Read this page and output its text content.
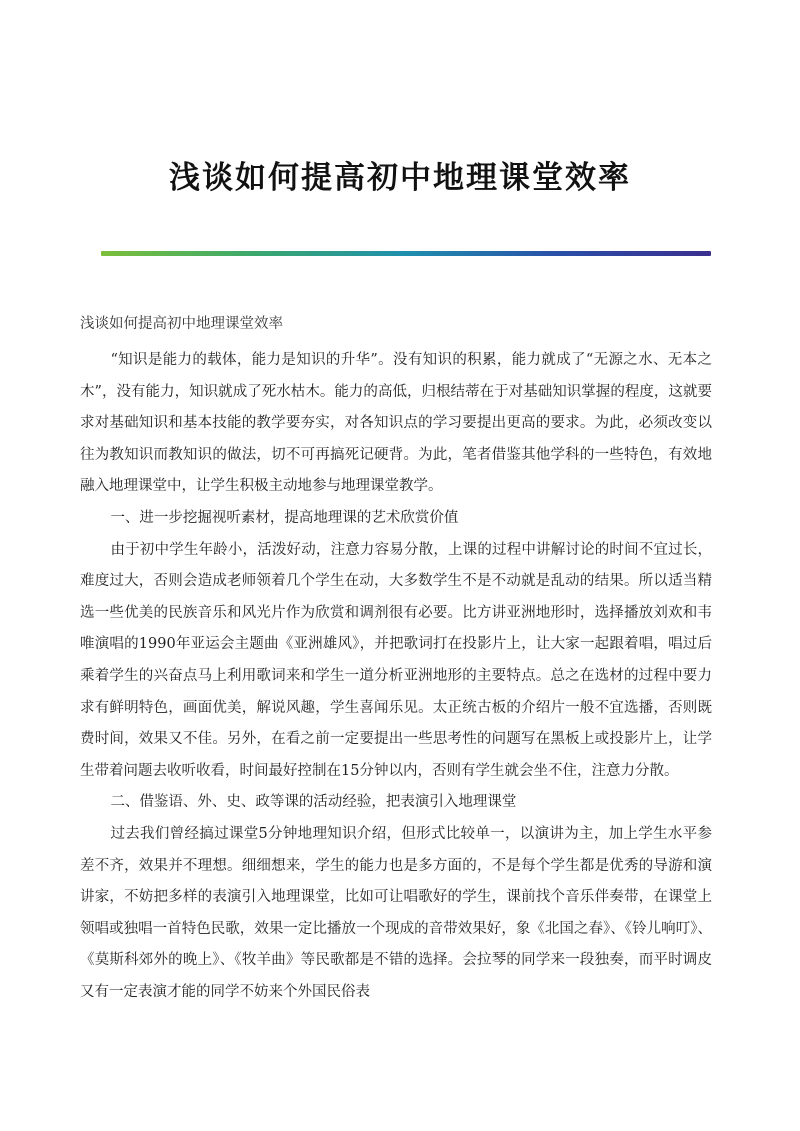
浅谈如何提高初中地理课堂效率
浅谈如何提高初中地理课堂效率

“知识是能力的载体，能力是知识的升华”。没有知识的积累，能力就成了“无源之水、无本之木”，没有能力，知识就成了死水枯木。能力的高低，归根结蒂在于对基础知识掌握的程度，这就要求对基础知识和基本技能的教学要夯实，对各知识点的学习要提出更高的要求。为此，必须改变以往为教知识而教知识的做法，切不可再搞死记硬背。为此，笔者借鉴其他学科的一些特色，有效地融入地理课堂中，让学生积极主动地参与地理课堂教学。

一、进一步挖掘视听素材，提高地理课的艺术欣赏价值

由于初中学生年龄小，活泼好动，注意力容易分散，上课的过程中讲解讨论的时间不宜过长，难度过大，否则会造成老师领着几个学生在动，大多数学生不是不动就是乱动的结果。所以适当精选一些优美的民族音乐和风光片作为欣赏和调剂很有必要。比方讲亚洲地形时，选择播放刘欢和韦唯演唱的1990年亚运会主题曲《亚洲雄风》，并把歌词打在投影片上，让大家一起跟着唱，唱过后乘着学生的兴奋点马上利用歌词来和学生一道分析亚洲地形的主要特点。总之在选材的过程中要力求有鲜明特色，画面优美，解说风趣，学生喜闻乐见。太正统古板的介绍片一般不宜选播，否则既费时间，效果又不佳。另外，在看之前一定要提出一些思考性的问题写在黑板上或投影片上，让学生带着问题去收听收看，时间最好控制在15分钟以内，否则有学生就会坐不住，注意力分散。

二、借鉴语、外、史、政等课的活动经验，把表演引入地理课堂

过去我们曾经搞过课堂5分钟地理知识介绍，但形式比较单一，以演讲为主，加上学生水平参差不齐，效果并不理想。细细想来，学生的能力也是多方面的，不是每个学生都是优秀的导游和演讲家，不妨把多样的表演引入地理课堂，比如可让唱歌好的学生，课前找个音乐伴奏带，在课堂上领唱或独唱一首特色民歌，效果一定比播放一个现成的音带效果好，象《北国之春》、《铃儿响叮》、《莫斯科郊外的晚上》、《牧羊曲》等民歌都是不错的选择。会拉琴的同学来一段独奏，而平时调皮又有一定表演才能的同学不妨来个外国民俗表
